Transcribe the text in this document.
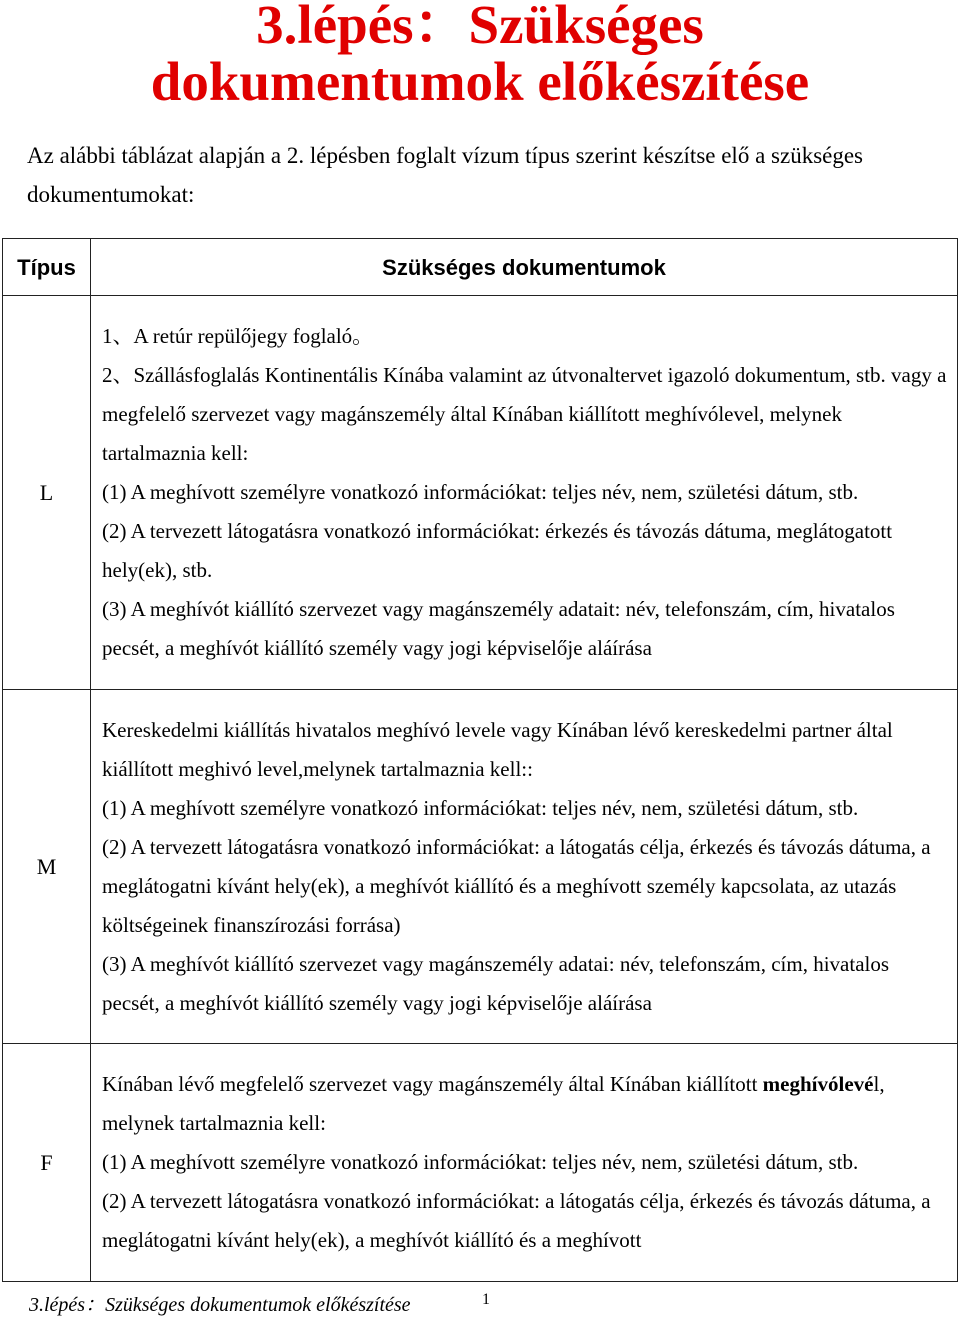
3.lépés：Szükséges
dokumentumok előkészítése

Az alábbi táblázat alapján a 2. lépésben foglalt vízum típus szerint készítse elő a szükséges dokumentumokat:

Típus	Szükséges dokumentumok
L	1、A retúr repülőjegy foglaló。

2、Szállásfoglalás Kontinentális Kínába valamint az útvonaltervet igazoló dokumentum, stb. vagy a megfelelő szervezet vagy magánszemély által Kínában kiállított meghívólevel, melynek tartalmaznia kell:

(1) A meghívott személyre vonatkozó információkat: teljes név, nem, születési dátum, stb.

(2) A tervezett látogatásra vonatkozó információkat: érkezés és távozás dátuma, meglátogatott hely(ek), stb.

(3) A meghívót kiállító szervezet vagy magánszemély adatait: név, telefonszám, cím, hivatalos pecsét, a meghívót kiállító személy vagy jogi képviselője aláírása

M	Kereskedelmi kiállítás hivatalos meghívó levele vagy Kínában lévő kereskedelmi partner által kiállított meghivó level,melynek tartalmaznia kell::

(1) A meghívott személyre vonatkozó információkat: teljes név, nem, születési dátum, stb.

(2) A tervezett látogatásra vonatkozó információkat: a látogatás célja, érkezés és távozás dátuma, a meglátogatni kívánt hely(ek), a meghívót kiállító és a meghívott személy kapcsolata, az utazás költségeinek finanszírozási forrása)

(3) A meghívót kiállító szervezet vagy magánszemély adatai: név, telefonszám, cím, hivatalos pecsét, a meghívót kiállító személy vagy jogi képviselője aláírása

F	Kínában lévő megfelelő szervezet vagy magánszemély által Kínában kiállított meghívólevél, melynek tartalmaznia kell:

(1) A meghívott személyre vonatkozó információkat: teljes név, nem, születési dátum, stb.

(2) A tervezett látogatásra vonatkozó információkat: a látogatás célja, érkezés és távozás dátuma, a meglátogatni kívánt hely(ek), a meghívót kiállító és a meghívott

3.lépés：Szükséges dokumentumok előkészítése	1
